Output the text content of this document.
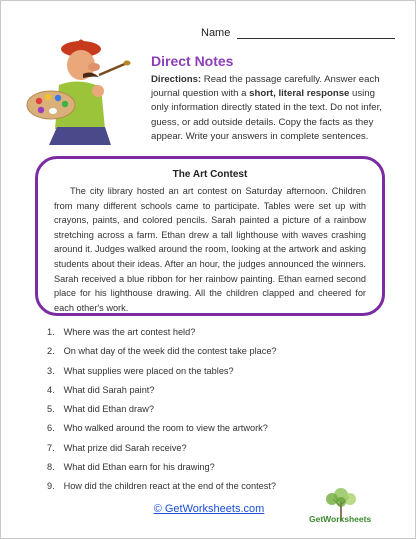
Name
Direct Notes
Directions: Read the passage carefully. Answer each journal question with a short, literal response using only information directly stated in the text. Do not infer, guess, or add outside details. Copy the facts as they appear. Write your answers in complete sentences.
The Art Contest

The city library hosted an art contest on Saturday afternoon. Children from many different schools came to participate. Tables were set up with crayons, paints, and colored pencils. Sarah painted a picture of a rainbow stretching across a farm. Ethan drew a tall lighthouse with waves crashing around it. Judges walked around the room, looking at the artwork and asking students about their ideas. After an hour, the judges announced the winners. Sarah received a blue ribbon for her rainbow painting. Ethan earned second place for his lighthouse drawing. All the children clapped and cheered for each other's work.

1. Where was the art contest held?
2. On what day of the week did the contest take place?
3. What supplies were placed on the tables?
4. What did Sarah paint?
5. What did Ethan draw?
6. Who walked around the room to view the artwork?
7. What prize did Sarah receive?
8. What did Ethan earn for his drawing?
9. How did the children react at the end of the contest?
© GetWorksheets.com
GetWorksheets
